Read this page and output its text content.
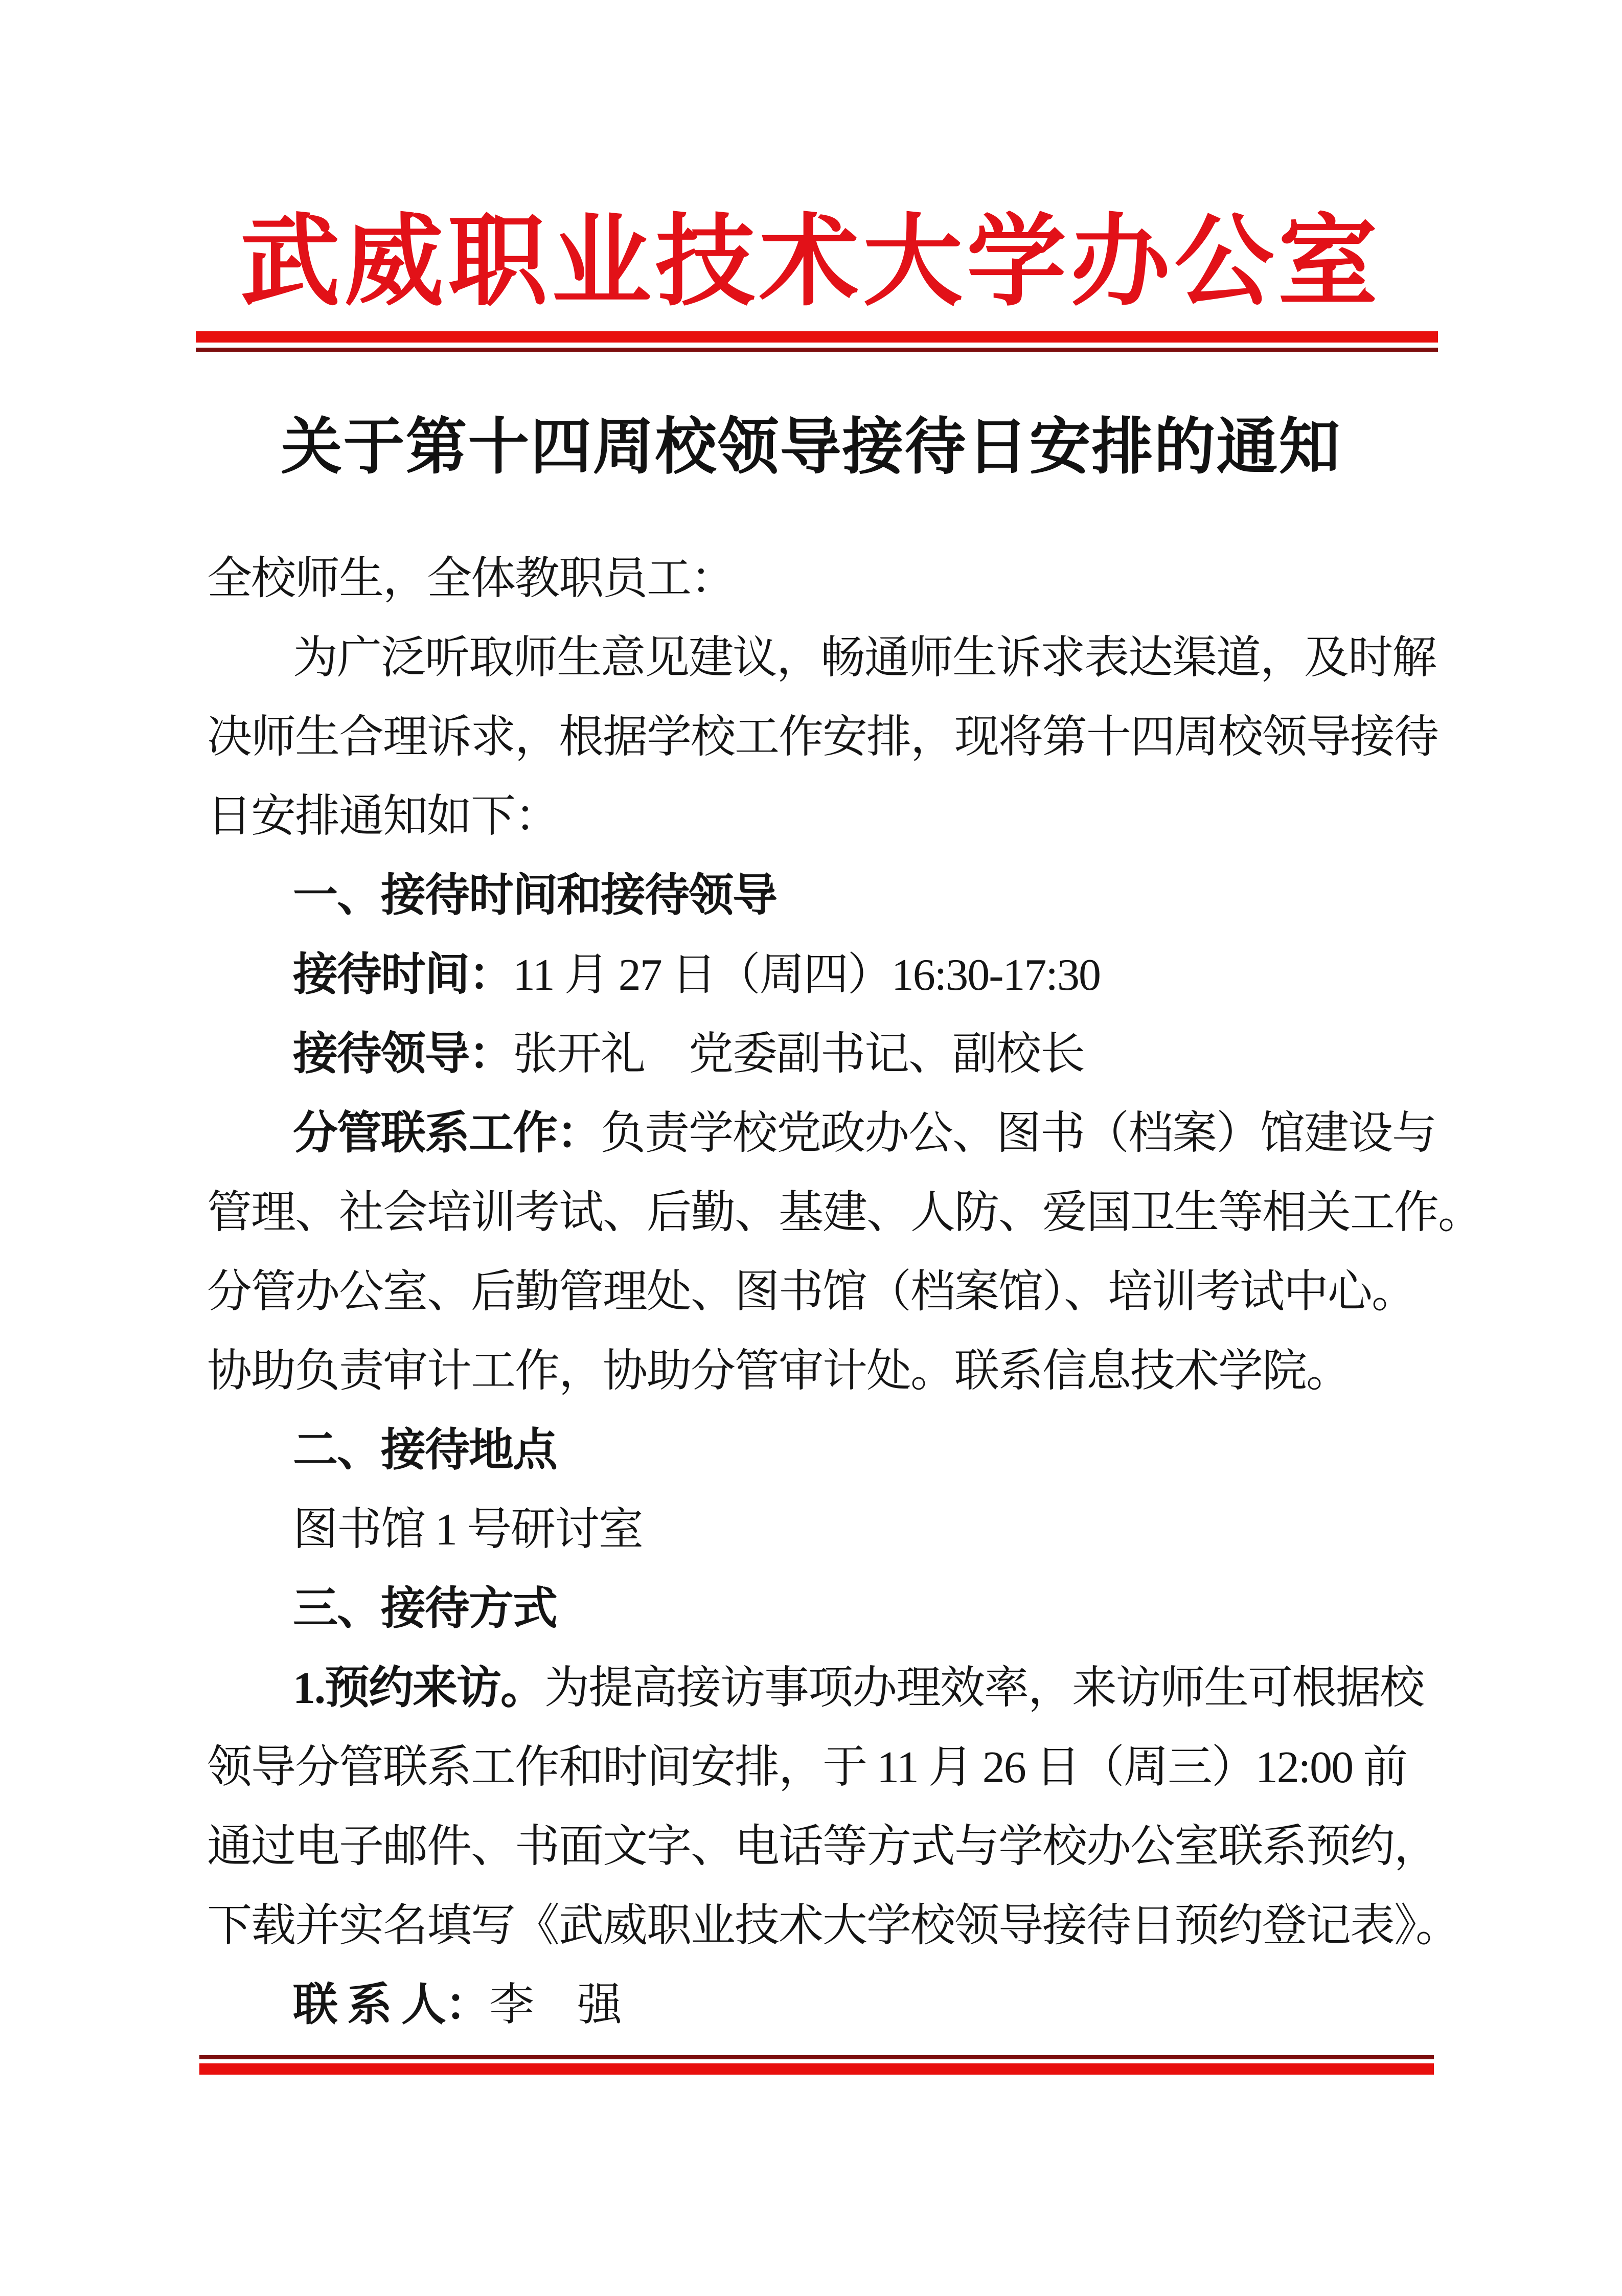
武威职业技术大学办公室
关于第十四周校领导接待日安排的通知
全校师生，全体教职员工：
为广泛听取师生意见建议，畅通师生诉求表达渠道，及时解
决师生合理诉求，根据学校工作安排，现将第十四周校领导接待
日安排通知如下：
一、接待时间和接待领导
接待时间：11 月 27 日（周四）16:30-17:30
接待领导：张开礼　党委副书记、副校长
分管联系工作：负责学校党政办公、图书（档案）馆建设与
管理、社会培训考试、后勤、基建、人防、爱国卫生等相关工作。
分管办公室、后勤管理处、图书馆（档案馆）、培训考试中心。
协助负责审计工作，协助分管审计处。联系信息技术学院。
二、接待地点
图书馆 1 号研讨室
三、接待方式
1.预约来访。为提高接访事项办理效率，来访师生可根据校
领导分管联系工作和时间安排，于 11 月 26 日（周三）12:00 前
通过电子邮件、书面文字、电话等方式与学校办公室联系预约，
下载并实名填写《武威职业技术大学校领导接待日预约登记表》。
联 系 人：李　强
